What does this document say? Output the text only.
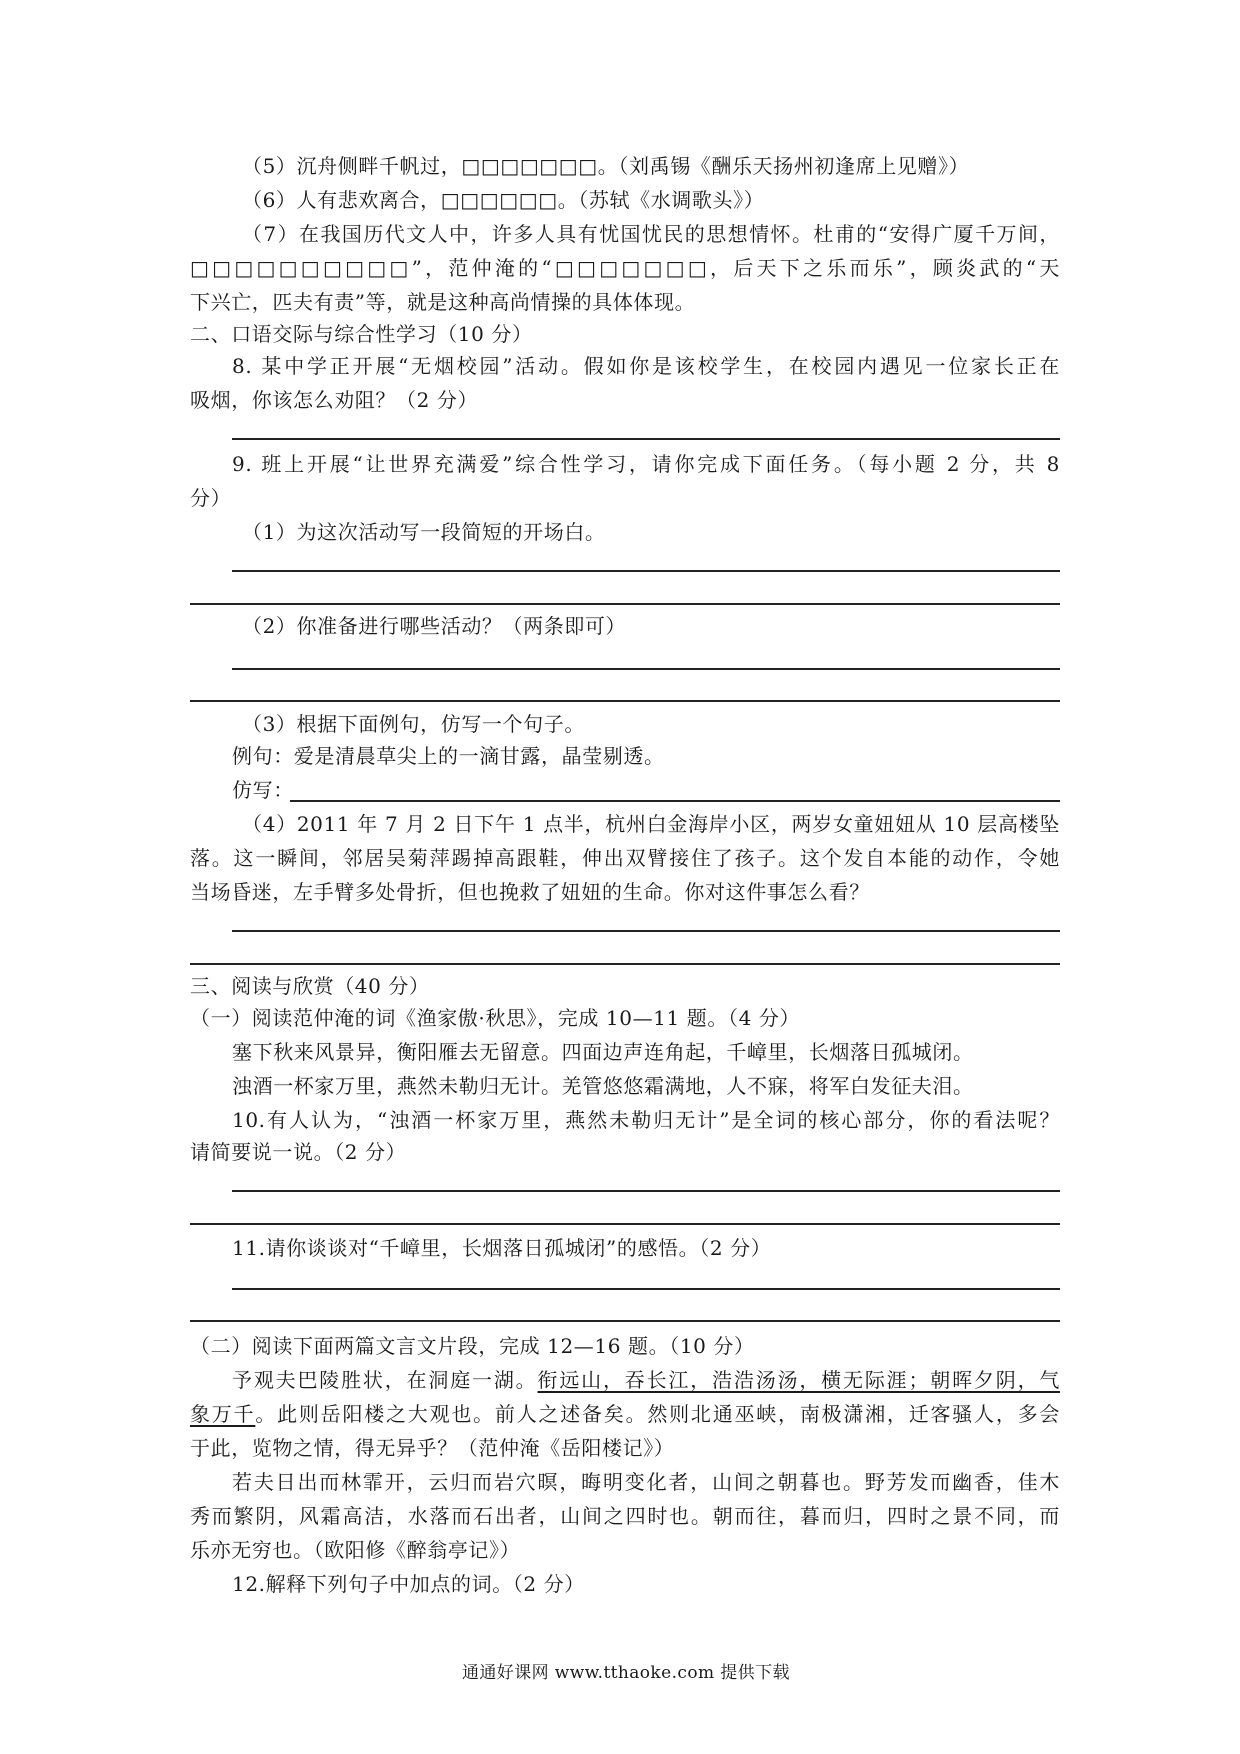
（5）沉舟侧畔千帆过，□□□□□□□。（刘禹锡《酬乐天扬州初逢席上见赠》）
（6）人有悲欢离合，□□□□□□。（苏轼《水调歌头》）
（7）在我国历代文人中，许多人具有忧国忧民的思想情怀。杜甫的“安得广厦千万间，
□□□□□□□□□□”，范仲淹的“□□□□□□□，后天下之乐而乐”，顾炎武的“天
下兴亡，匹夫有责”等，就是这种高尚情操的具体体现。
二、口语交际与综合性学习（10 分）
8. 某中学正开展“无烟校园”活动。假如你是该校学生，在校园内遇见一位家长正在
吸烟，你该怎么劝阻？（2 分）
9. 班上开展“让世界充满爱”综合性学习，请你完成下面任务。（每小题 2 分，共 8
分）
（1）为这次活动写一段简短的开场白。
（2）你准备进行哪些活动？（两条即可）
（3）根据下面例句，仿写一个句子。
例句：爱是清晨草尖上的一滴甘露，晶莹剔透。
仿写：
（4）2011 年 7 月 2 日下午 1 点半，杭州白金海岸小区，两岁女童妞妞从 10 层高楼坠
落。这一瞬间，邻居吴菊萍踢掉高跟鞋，伸出双臂接住了孩子。这个发自本能的动作，令她
当场昏迷，左手臂多处骨折，但也挽救了妞妞的生命。你对这件事怎么看？
三、阅读与欣赏（40 分）
（一）阅读范仲淹的词《渔家傲·秋思》，完成 10—11 题。（4 分）
塞下秋来风景异，衡阳雁去无留意。四面边声连角起，千嶂里，长烟落日孤城闭。
浊酒一杯家万里，燕然未勒归无计。羌管悠悠霜满地，人不寐，将军白发征夫泪。
10.有人认为，“浊酒一杯家万里，燕然未勒归无计”是全词的核心部分，你的看法呢？
请简要说一说。（2 分）
11.请你谈谈对“千嶂里，长烟落日孤城闭”的感悟。（2 分）
（二）阅读下面两篇文言文片段，完成 12—16 题。（10 分）
予观夫巴陵胜状，在洞庭一湖。衔远山，吞长江，浩浩汤汤，横无际涯；朝晖夕阴，气
象万千。此则岳阳楼之大观也。前人之述备矣。然则北通巫峡，南极潇湘，迁客骚人，多会
于此，览物之情，得无异乎？（范仲淹《岳阳楼记》）
若夫日出而林霏开，云归而岩穴暝，晦明变化者，山间之朝暮也。野芳发而幽香，佳木
秀而繁阴，风霜高洁，水落而石出者，山间之四时也。朝而往，暮而归，四时之景不同，而
乐亦无穷也。（欧阳修《醉翁亭记》）
12.解释下列句子中加点的词。（2 分）
通通好课网 www.tthaoke.com 提供下载
